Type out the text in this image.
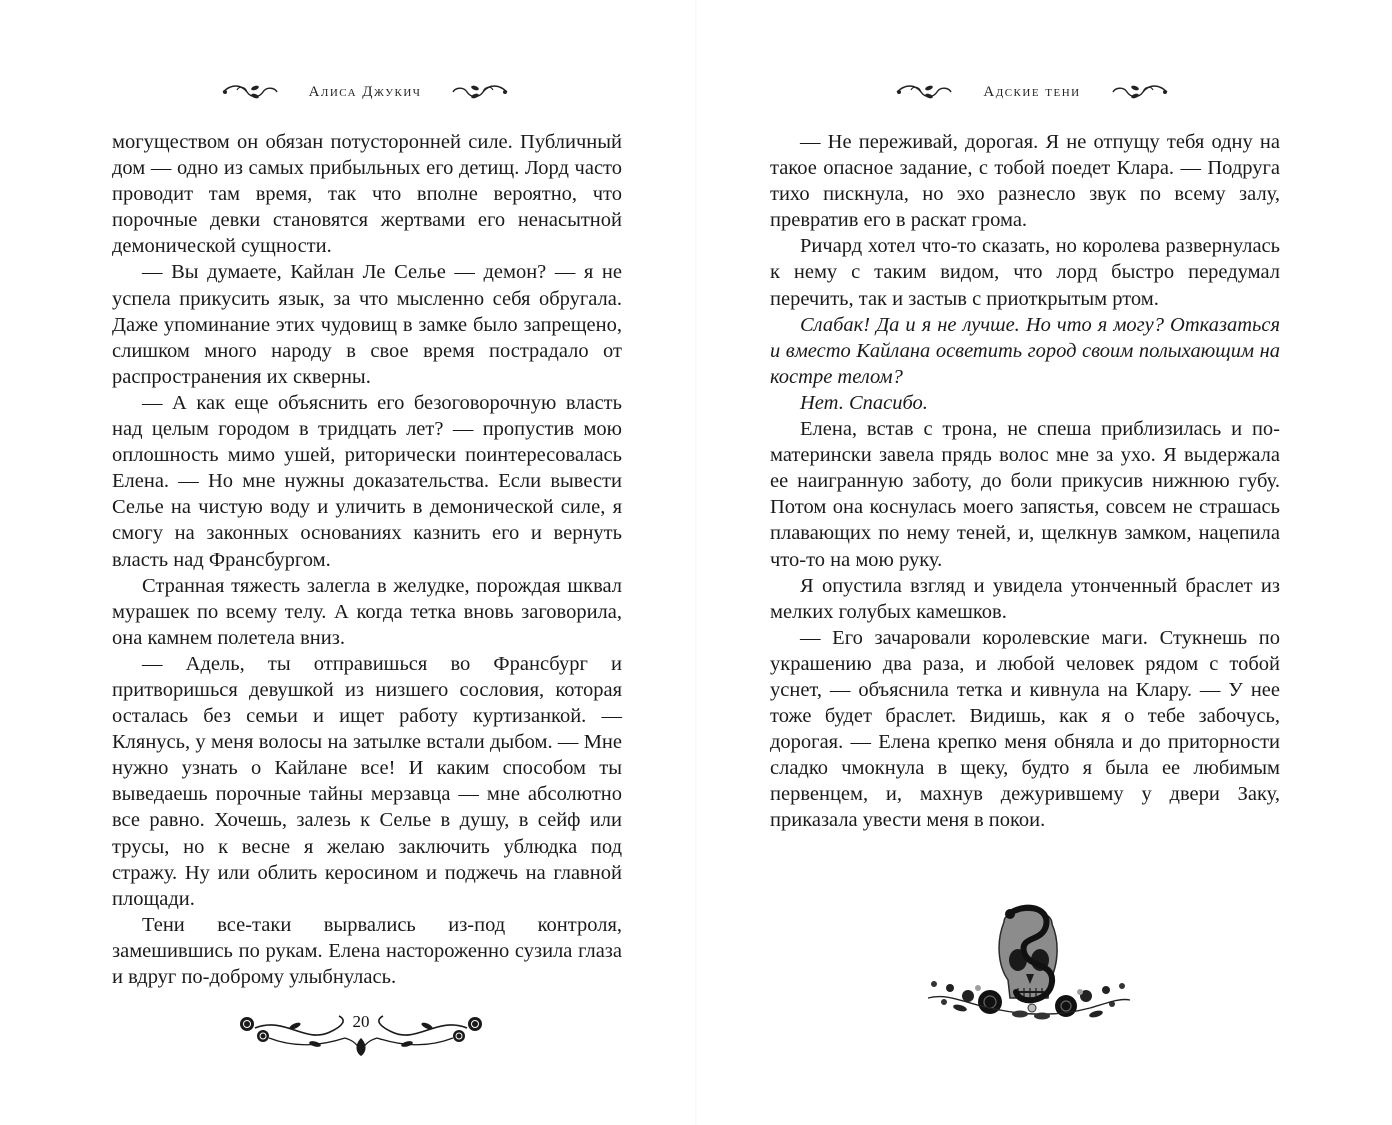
Алиса Джукич	Адские тени

могуществом он обязан потусторонней силе. Публичный дом — одно из самых прибыльных его детищ. Лорд часто проводит там время, так что вполне вероятно, что порочные девки становятся жертвами его ненасытной демонической сущности.

— Вы думаете, Кайлан Ле Селье — демон? — я не успела прикусить язык, за что мысленно себя обругала. Даже упоминание этих чудовищ в замке было запрещено, слишком много народу в свое время пострадало от распространения их скверны.

— А как еще объяснить его безоговорочную власть над целым городом в тридцать лет? — пропустив мою оплошность мимо ушей, риторически поинтересовалась Елена. — Но мне нужны доказательства. Если вывести Селье на чистую воду и уличить в демонической силе, я смогу на законных основаниях казнить его и вернуть власть над Франсбургом.

Странная тяжесть залегла в желудке, порождая шквал мурашек по всему телу. А когда тетка вновь заговорила, она камнем полетела вниз.

— Адель, ты отправишься во Франсбург и притворишься девушкой из низшего сословия, которая осталась без семьи и ищет работу куртизанкой. — Клянусь, у меня волосы на затылке встали дыбом. — Мне нужно узнать о Кайлане все! И каким способом ты выведаешь порочные тайны мерзавца — мне абсолютно все равно. Хочешь, залезь к Селье в душу, в сейф или трусы, но к весне я желаю заключить ублюдка под стражу. Ну или облить керосином и поджечь на главной площади.

Тени все-таки вырвались из-под контроля, замешившись по рукам. Елена настороженно сузила глаза и вдруг по-доброму улыбнулась.

— Не переживай, дорогая. Я не отпущу тебя одну на такое опасное задание, с тобой поедет Клара. — Подруга тихо пискнула, но эхо разнесло звук по всему залу, превратив его в раскат грома.

Ричард хотел что-то сказать, но королева развернулась к нему с таким видом, что лорд быстро передумал перечить, так и застыв с приоткрытым ртом.

Слабак! Да и я не лучше. Но что я могу? Отказаться и вместо Кайлана осветить город своим полыхающим на костре телом?

Нет. Спасибо.

Елена, встав с трона, не спеша приблизилась и по-матерински завела прядь волос мне за ухо. Я выдержала ее наигранную заботу, до боли прикусив нижнюю губу. Потом она коснулась моего запястья, совсем не страшась плавающих по нему теней, и, щелкнув замком, нацепила что-то на мою руку.

Я опустила взгляд и увидела утонченный браслет из мелких голубых камешков.

— Его зачаровали королевские маги. Стукнешь по украшению два раза, и любой человек рядом с тобой уснет, — объяснила тетка и кивнула на Клару. — У нее тоже будет браслет. Видишь, как я о тебе забочусь, дорогая. — Елена крепко меня обняла и до приторности сладко чмокнула в щеку, будто я была ее любимым первенцем, и, махнув дежурившему у двери Заку, приказала увести меня в покои.

20
